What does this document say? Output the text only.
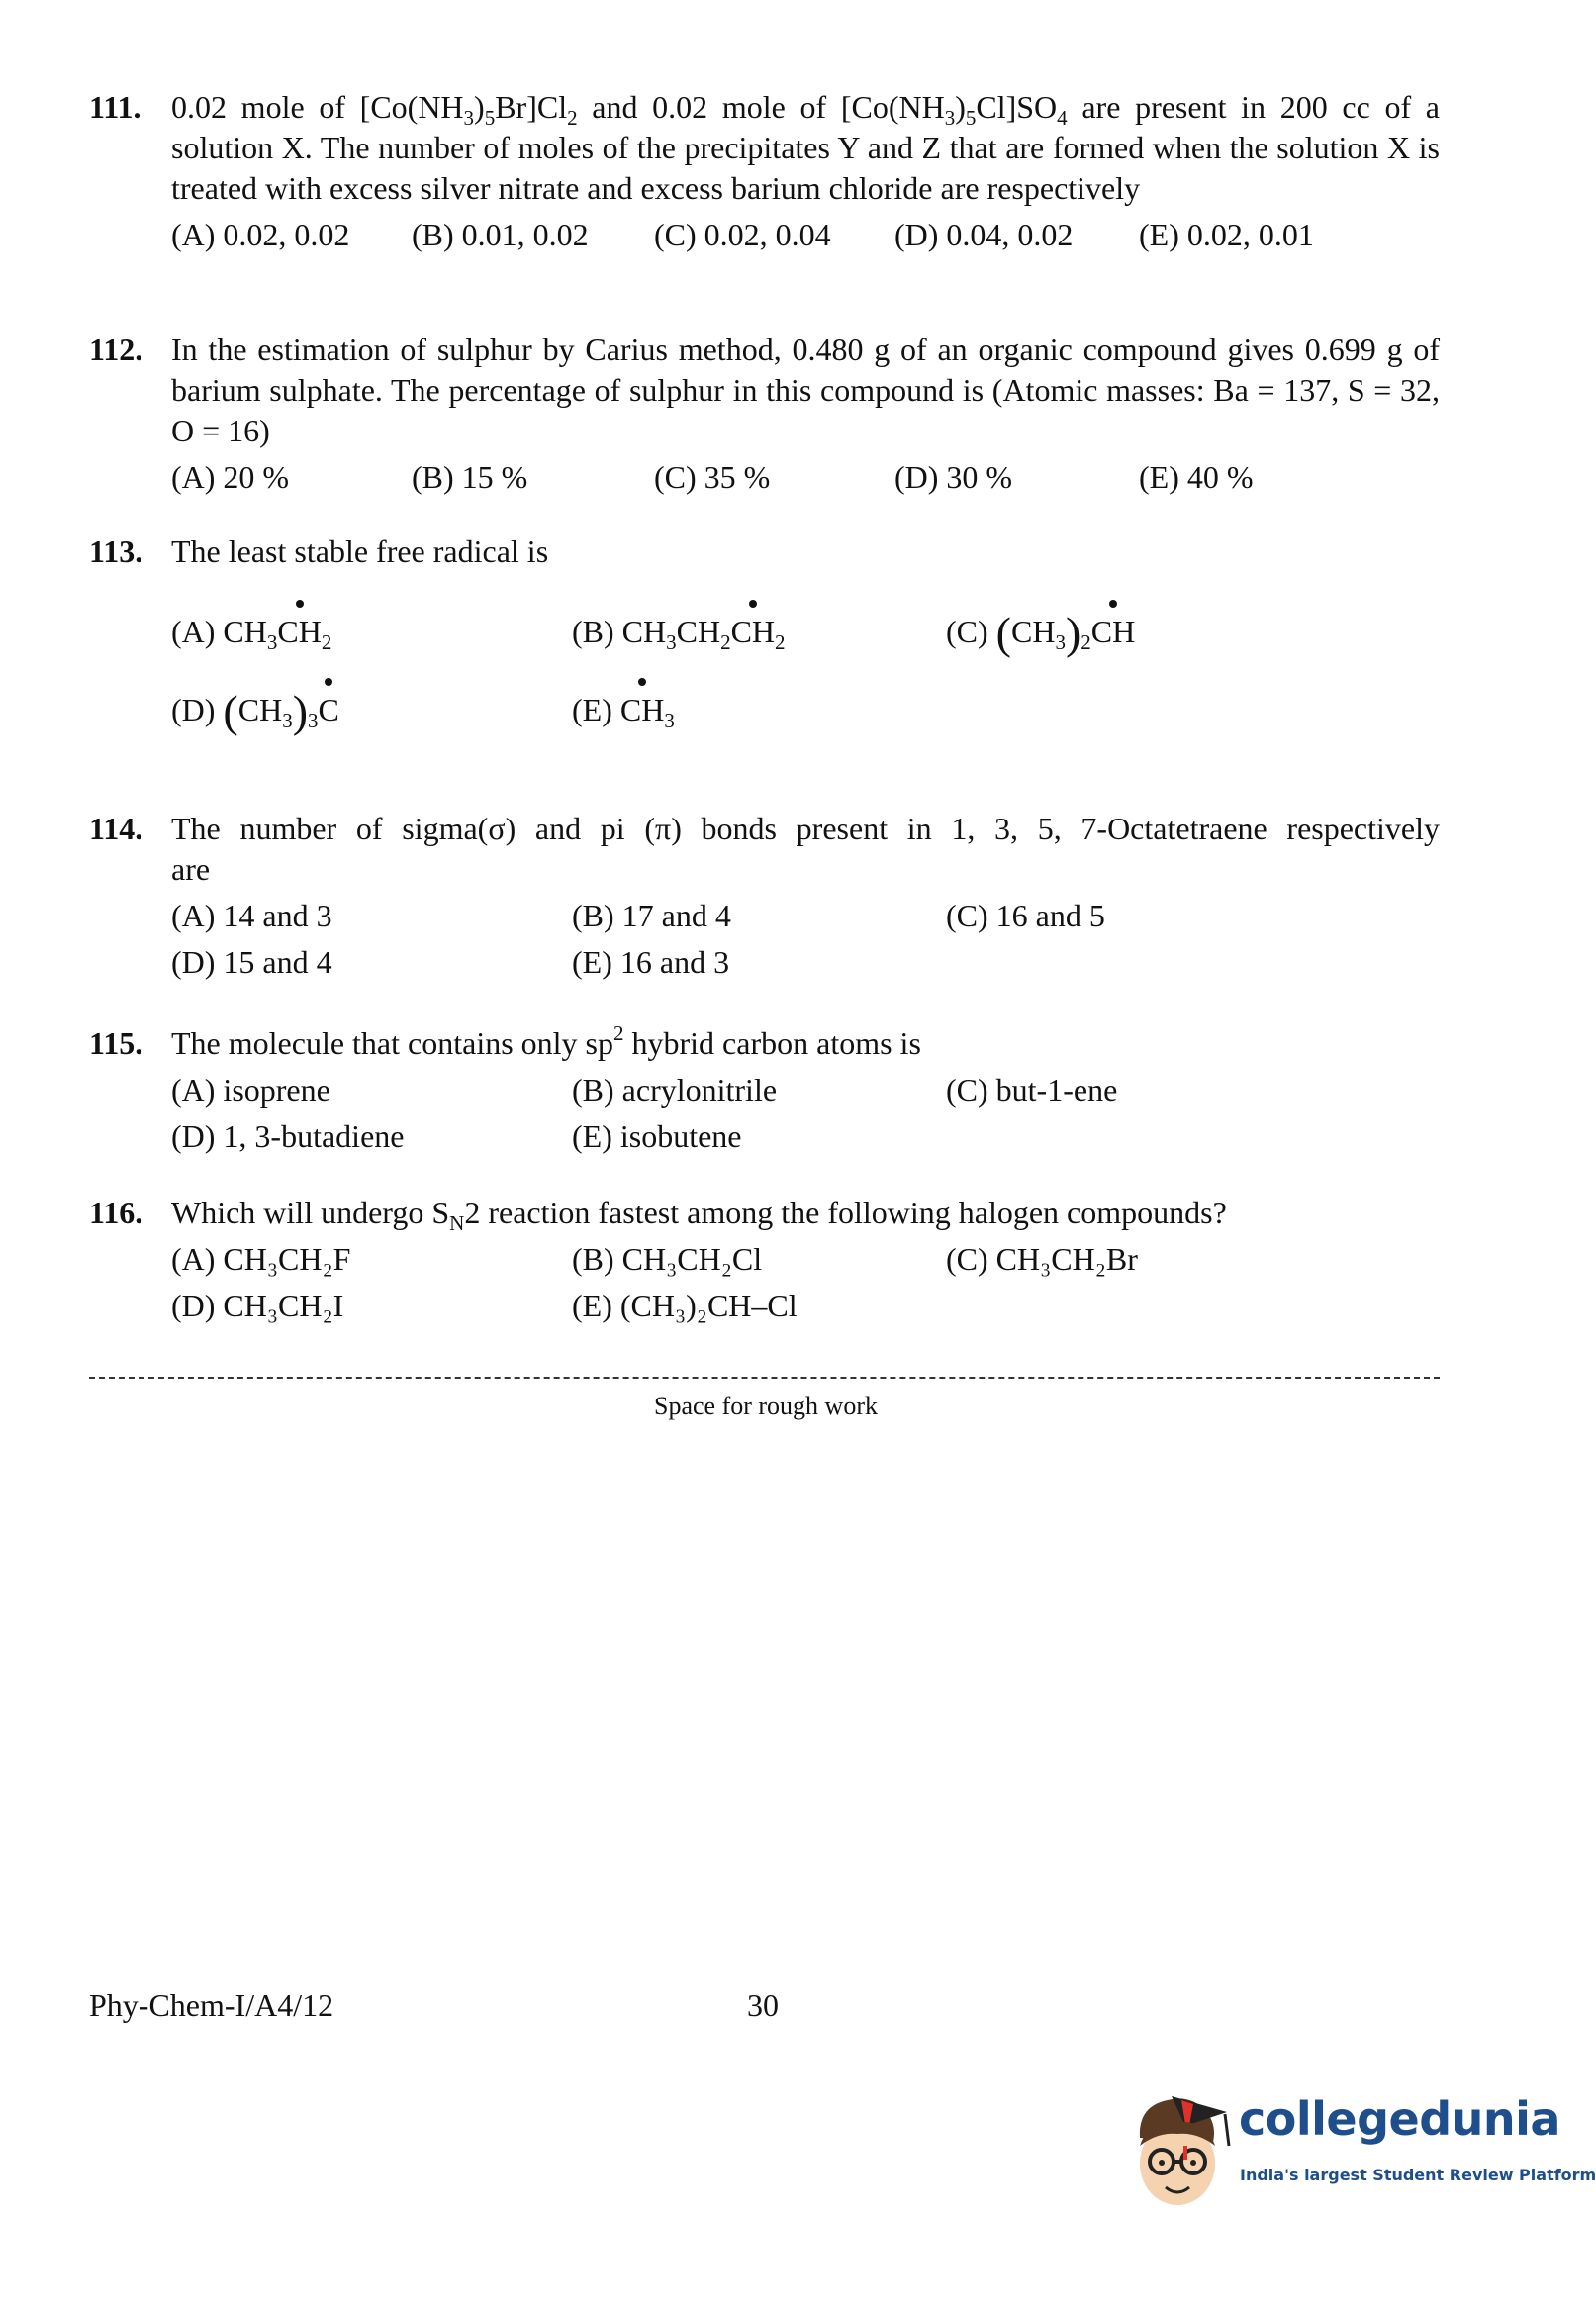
111. 0.02 mole of $[Co(NH_3)_5Br]Cl_2$ and 0.02 mole of $[Co(NH_3)_5Cl]SO_4$ are present in 200 cc of a solution X. The number of moles of the precipitates Y and Z that are formed when the solution X is treated with excess silver nitrate and excess barium chloride are respectively
(A) 0.02, 0.02	(B) 0.01, 0.02	(C) 0.02, 0.04	(D) 0.04, 0.02	(E) 0.02, 0.01
112. In the estimation of sulphur by Carius method, 0.480 g of an organic compound gives 0.699 g of barium sulphate. The percentage of sulphur in this compound is (Atomic masses: Ba = 137, S = 32, O = 16)
(A) 20 %	(B) 15 %	(C) 35 %	(D) 30 %	(E) 40 %
113. The least stable free radical is
(A) $CH_3CH_2$	(B) $CH_3CH_2CH_2$	(C) $(CH_3)_2CH$
(D) $(CH_3)_3C$	(E) $CH_3$
114. The number of sigma(σ) and pi (π) bonds present in 1, 3, 5, 7-Octatetraene respectively are
(A) 14 and 3	(B) 17 and 4	(C) 16 and 5
(D) 15 and 4	(E) 16 and 3
115. The molecule that contains only $sp^2$ hybrid carbon atoms is
(A) isoprene	(B) acrylonitrile	(C) but-1-ene
(D) 1, 3-butadiene	(E) isobutene
116. Which will undergo $S_N2$ reaction fastest among the following halogen compounds?
(A) CH₃CH₂F	(B) CH₃CH₂Cl	(C) CH₃CH₂Br
(D) CH₃CH₂I	(E) (CH₃)₂CH–Cl
Space for rough work
Phy-Chem-I/A4/12	30
collegedunia
India's largest Student Review Platform
